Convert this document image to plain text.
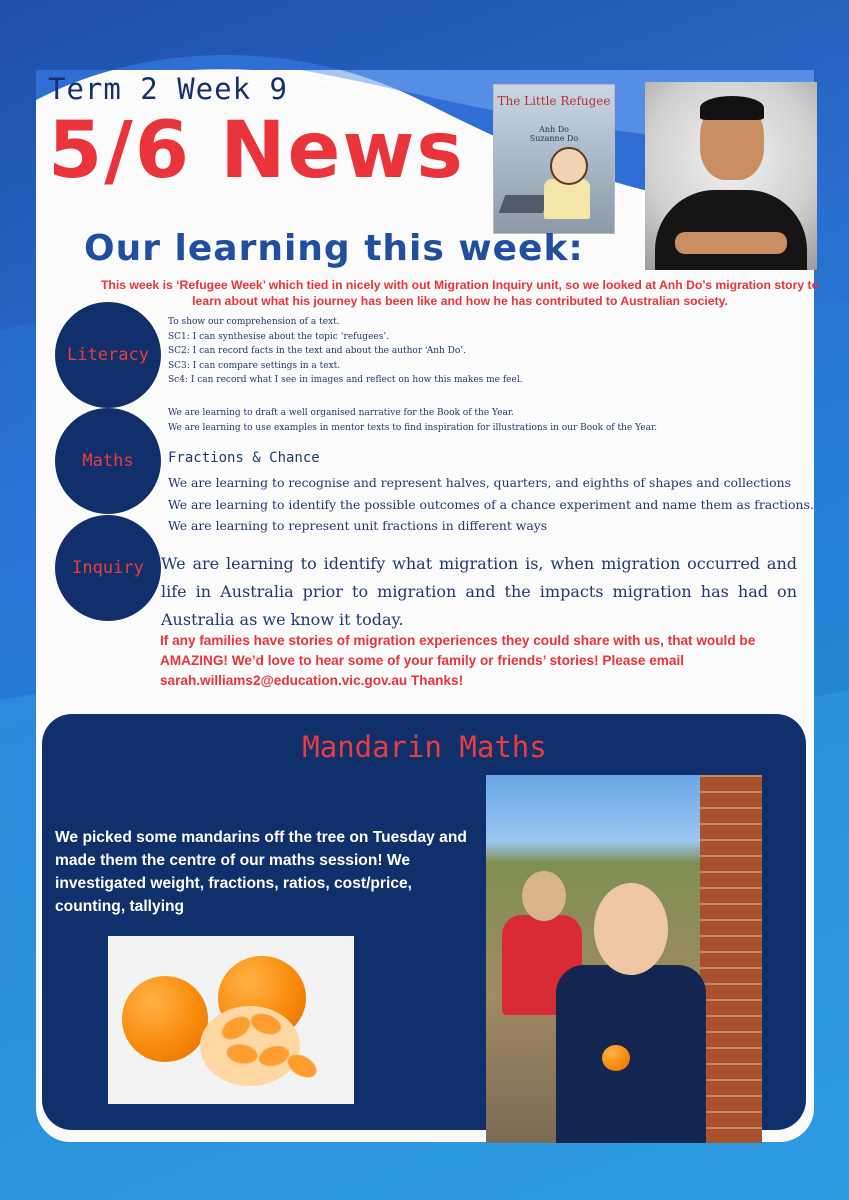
Term 2 Week 9
5/6 News
The Little Refugee
Anh Do
Suzanne Do
Our learning this week:
This week is ‘Refugee Week’ which tied in nicely with out Migration Inquiry unit, so we looked at Anh Do’s migration story to learn about what his journey has been like and how he has contributed to Australian society.
Literacy
To show our comprehension of a text.
SC1: I can synthesise about the topic ‘refugees’.
SC2: I can record facts in the text and about the author ‘Anh Do’.
SC3: I can compare settings in a text.
Sc4: I can record what I see in images and reflect on how this makes me feel.
We are learning to draft a well organised narrative for the Book of the Year.
We are learning to use examples in mentor texts to find inspiration for illustrations in our Book of the Year.
Maths Fractions & Chance
We are learning to recognise and represent halves, quarters, and eighths of shapes and collections
We are learning to identify the possible outcomes of a chance experiment and name them as fractions.
We are learning to represent unit fractions in different ways
Inquiry We are learning to identify what migration is, when migration occurred and life in Australia prior to migration and the impacts migration has had on Australia as we know it today.
If any families have stories of migration experiences they could share with us, that would be AMAZING! We’d love to hear some of your family or friends’ stories! Please email sarah.williams2@education.vic.gov.au Thanks!
Mandarin Maths
We picked some mandarins off the tree on Tuesday and made them the centre of our maths session! We investigated weight, fractions, ratios, cost/price, counting, tallying
